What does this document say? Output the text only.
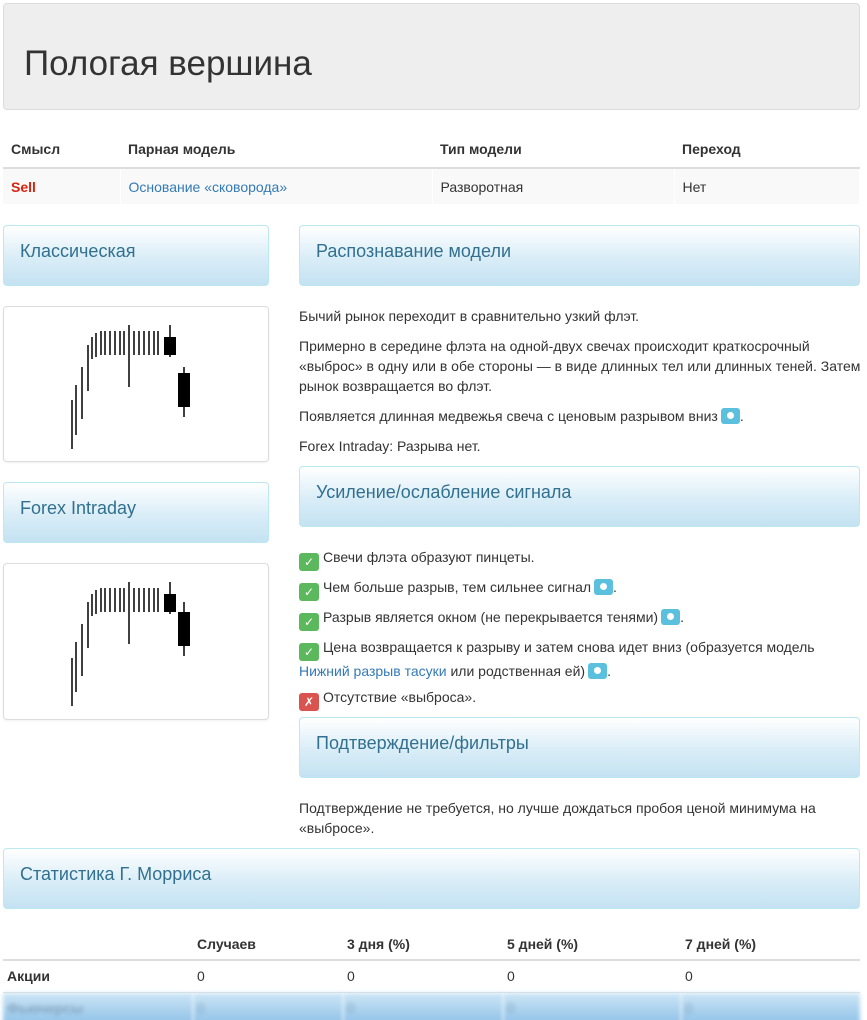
Пологая вершина
Смысл	Парная модель	Тип модели	Переход
Sell	Основание «сковорода»	Разворотная	Нет
Классическая
Forex Intraday
Распознавание модели

Бычий рынок переходит в сравнительно узкий флэт.

Примерно в середине флэта на одной-двух свечах происходит краткосрочный «выброс» в одну или в обе стороны — в виде длинных тел или длинных теней. Затем рынок возвращается во флэт.

Появляется длинная медвежья свеча с ценовым разрывом вниз .

Forex Intraday: Разрыва нет.

Усиление/ослабление сигнала

✓ Свечи флэта образуют пинцеты.

✓ Чем больше разрыв, тем сильнее сигнал .

✓ Разрыв является окном (не перекрывается тенями) .

✓ Цена возвращается к разрыву и затем снова идет вниз (образуется модель
Нижний разрыв тасуки или родственная ей) .

✗ Отсутствие «выброса».

Подтверждение/фильтры

Подтверждение не требуется, но лучше дождаться пробоя ценой минимума на «выбросе».

Статистика Г. Морриса
	Случаев	3 дня (%)	5 дней (%)	7 дней (%)
Акции	0	0	0	0
Фьючерсы	0	0	0	0
